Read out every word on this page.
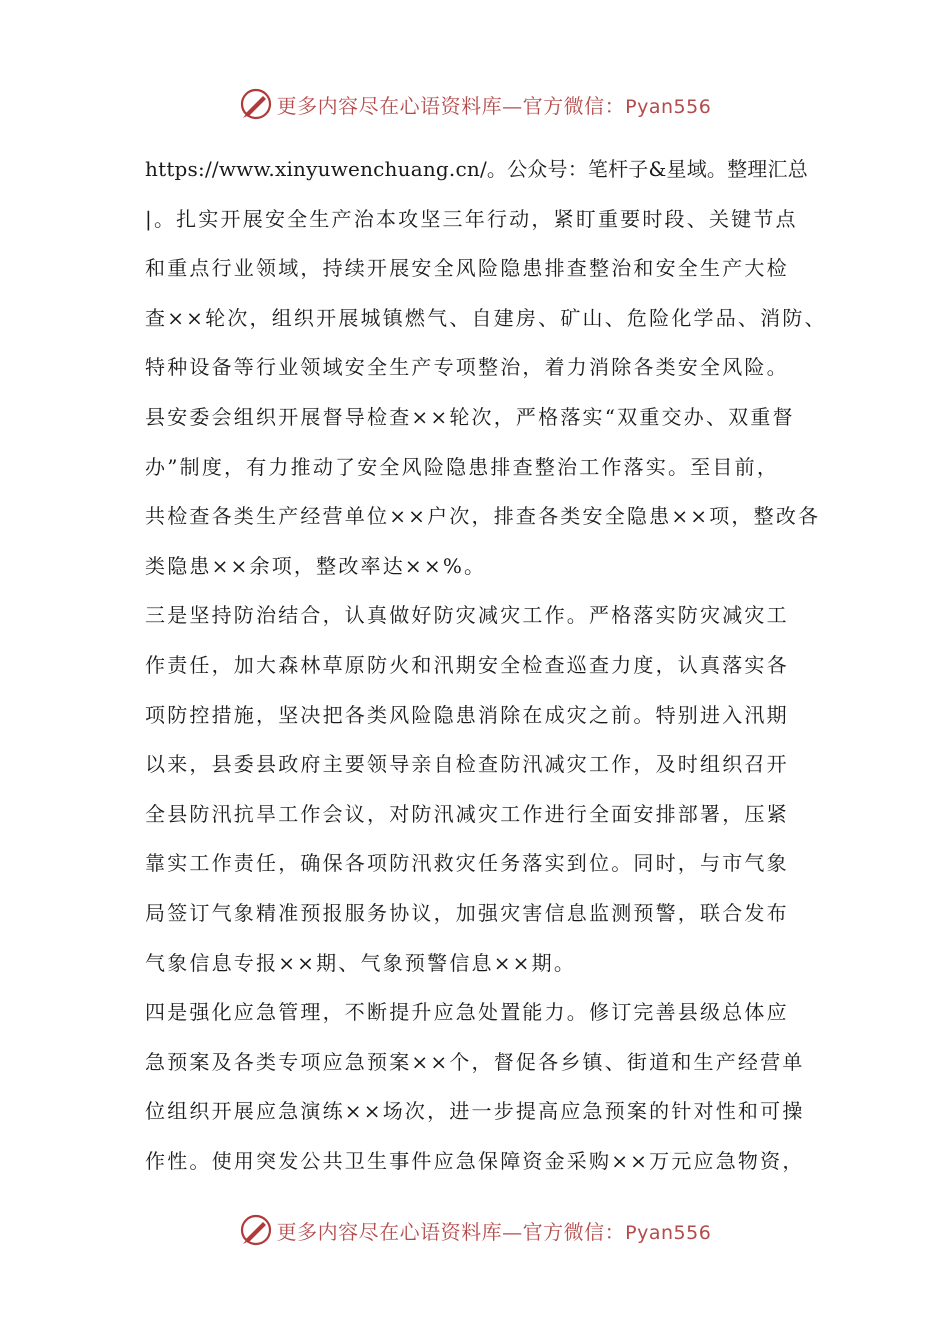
更多内容尽在心语资料库—官方微信：Pyan556
https://www.xinyuwenchuang.cn/。公众号：笔杆子&星域。整理汇总
|。扎实开展安全生产治本攻坚三年行动，紧盯重要时段、关键节点
和重点行业领域，持续开展安全风险隐患排查整治和安全生产大检
查××轮次，组织开展城镇燃气、自建房、矿山、危险化学品、消防、
特种设备等行业领域安全生产专项整治，着力消除各类安全风险。
县安委会组织开展督导检查××轮次，严格落实“双重交办、双重督
办”制度，有力推动了安全风险隐患排查整治工作落实。至目前，
共检查各类生产经营单位××户次，排查各类安全隐患××项，整改各
类隐患××余项，整改率达××%。
三是坚持防治结合，认真做好防灾减灾工作。严格落实防灾减灾工
作责任，加大森林草原防火和汛期安全检查巡查力度，认真落实各
项防控措施，坚决把各类风险隐患消除在成灾之前。特别进入汛期
以来，县委县政府主要领导亲自检查防汛减灾工作，及时组织召开
全县防汛抗旱工作会议，对防汛减灾工作进行全面安排部署，压紧
靠实工作责任，确保各项防汛救灾任务落实到位。同时，与市气象
局签订气象精准预报服务协议，加强灾害信息监测预警，联合发布
气象信息专报××期、气象预警信息××期。
四是强化应急管理，不断提升应急处置能力。修订完善县级总体应
急预案及各类专项应急预案××个，督促各乡镇、街道和生产经营单
位组织开展应急演练××场次，进一步提高应急预案的针对性和可操
作性。使用突发公共卫生事件应急保障资金采购××万元应急物资，
更多内容尽在心语资料库—官方微信：Pyan556
